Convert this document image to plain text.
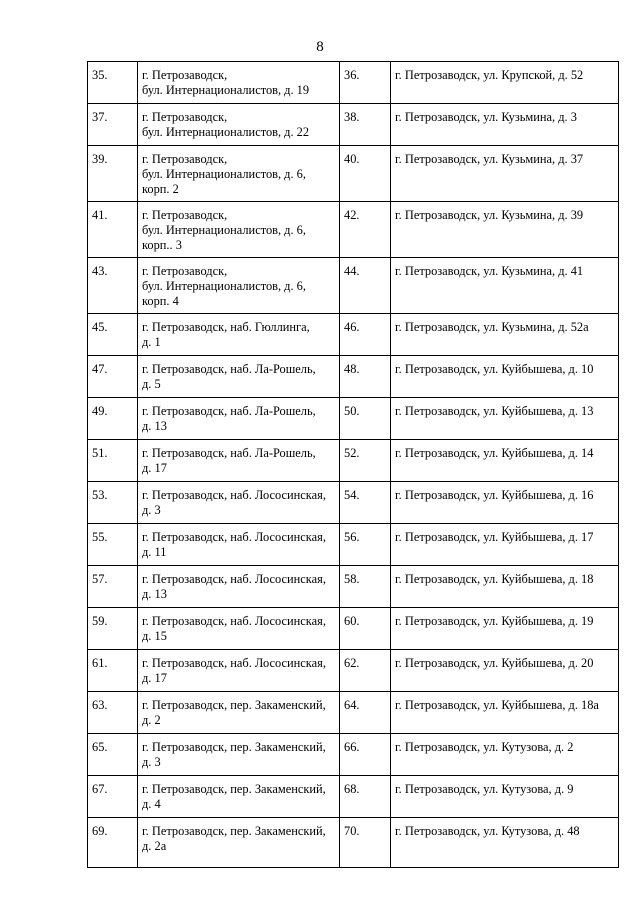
8
35.	г. Петрозаводск,
бул. Интернационалистов, д. 19	36.	г. Петрозаводск, ул. Крупской, д. 52
37.	г. Петрозаводск,
бул. Интернационалистов, д. 22	38.	г. Петрозаводск, ул. Кузьмина, д. 3
39.	г. Петрозаводск,
бул. Интернационалистов, д. 6,
корп. 2	40.	г. Петрозаводск, ул. Кузьмина, д. 37
41.	г. Петрозаводск,
бул. Интернационалистов, д. 6,
корп.. 3	42.	г. Петрозаводск, ул. Кузьмина, д. 39
43.	г. Петрозаводск,
бул. Интернационалистов, д. 6,
корп. 4	44.	г. Петрозаводск, ул. Кузьмина, д. 41
45.	г. Петрозаводск, наб. Гюллинга,
д. 1	46.	г. Петрозаводск, ул. Кузьмина, д. 52а
47.	г. Петрозаводск, наб. Ла-Рошель,
д. 5	48.	г. Петрозаводск, ул. Куйбышева, д. 10
49.	г. Петрозаводск, наб. Ла-Рошель,
д. 13	50.	г. Петрозаводск, ул. Куйбышева, д. 13
51.	г. Петрозаводск, наб. Ла-Рошель,
д. 17	52.	г. Петрозаводск, ул. Куйбышева, д. 14
53.	г. Петрозаводск, наб. Лососинская,
д. 3	54.	г. Петрозаводск, ул. Куйбышева, д. 16
55.	г. Петрозаводск, наб. Лососинская,
д. 11	56.	г. Петрозаводск, ул. Куйбышева, д. 17
57.	г. Петрозаводск, наб. Лососинская,
д. 13	58.	г. Петрозаводск, ул. Куйбышева, д. 18
59.	г. Петрозаводск, наб. Лососинская,
д. 15	60.	г. Петрозаводск, ул. Куйбышева, д. 19
61.	г. Петрозаводск, наб. Лососинская,
д. 17	62.	г. Петрозаводск, ул. Куйбышева, д. 20
63.	г. Петрозаводск, пер. Закаменский,
д. 2	64.	г. Петрозаводск, ул. Куйбышева, д. 18а
65.	г. Петрозаводск, пер. Закаменский,
д. 3	66.	г. Петрозаводск, ул. Кутузова, д. 2
67.	г. Петрозаводск, пер. Закаменский,
д. 4	68.	г. Петрозаводск, ул. Кутузова, д. 9
69.	г. Петрозаводск, пер. Закаменский,
д. 2а	70.	г. Петрозаводск, ул. Кутузова, д. 48
